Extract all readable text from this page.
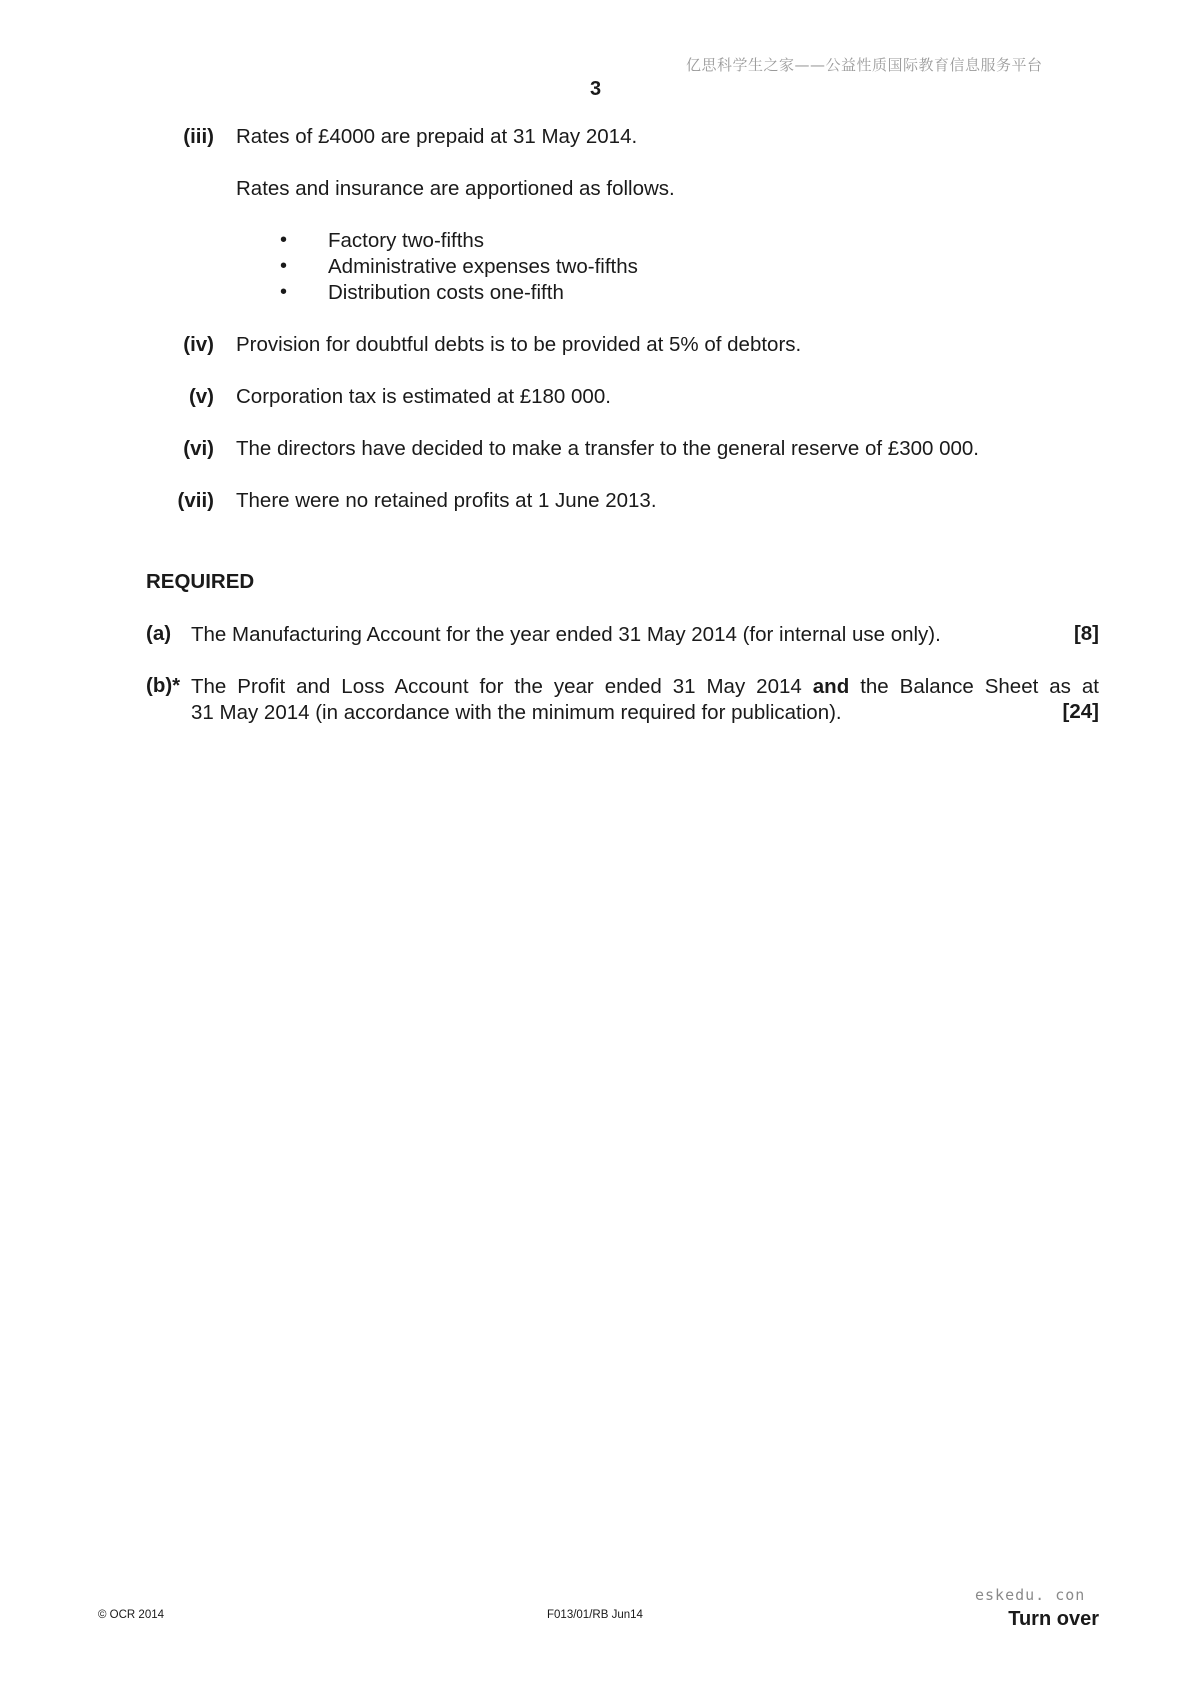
亿思科学生之家——公益性质国际教育信息服务平台
3
(iii) Rates of £4000 are prepaid at 31 May 2014.
Rates and insurance are apportioned as follows.
•	Factory two-fifths
•	Administrative expenses two-fifths
•	Distribution costs one-fifth
(iv) Provision for doubtful debts is to be provided at 5% of debtors.
(v) Corporation tax is estimated at £180 000.
(vi) The directors have decided to make a transfer to the general reserve of £300 000.
(vii) There were no retained profits at 1 June 2013.
REQUIRED
(a) The Manufacturing Account for the year ended 31 May 2014 (for internal use only).	[8]
(b)* The Profit and Loss Account for the year ended 31 May 2014 and the Balance Sheet as at
31 May 2014 (in accordance with the minimum required for publication).	[24]
© OCR 2014	F013/01/RB Jun14
eskedu. con
Turn over
